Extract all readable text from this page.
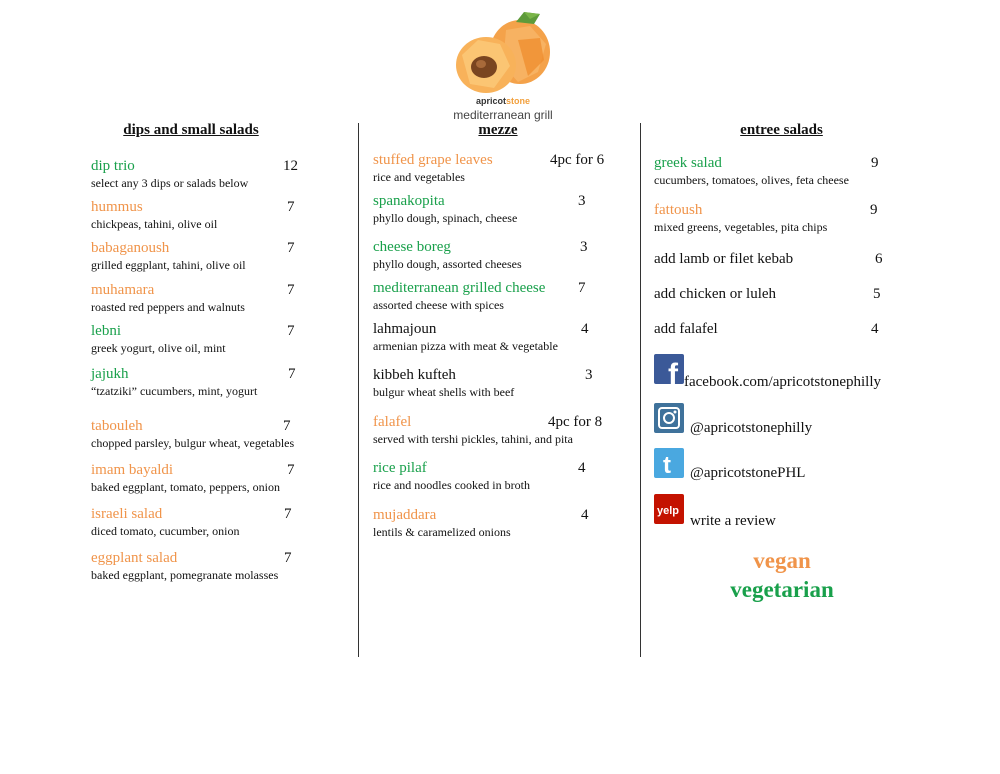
apricotstone
mediterranean grill
dips and small salads
dip trio	12
select any 3 dips or salads below
hummus	7
chickpeas, tahini, olive oil
babaganoush	7
grilled eggplant, tahini, olive oil
muhamara	7
roasted red peppers and walnuts
lebni	7
greek yogurt, olive oil, mint
jajukh	7
“tzatziki” cucumbers, mint, yogurt
tabouleh	7
chopped parsley, bulgur wheat, vegetables
imam bayaldi	7
baked eggplant, tomato, peppers, onion
israeli salad	7
diced tomato, cucumber, onion
eggplant salad	7
baked eggplant, pomegranate molasses
mezze
stuffed grape leaves	4pc for 6
rice and vegetables
spanakopita	3
phyllo dough, spinach, cheese
cheese boreg	3
phyllo dough, assorted cheeses
mediterranean grilled cheese 7
assorted cheese with spices
lahmajoun	4
armenian pizza with meat & vegetable
kibbeh kufteh	3
bulgur wheat shells with beef
falafel	4pc for 8
served with tershi pickles, tahini, and pita
rice pilaf	4
rice and noodles cooked in broth
mujaddara	4
lentils & caramelized onions
entree salads
greek salad	9
cucumbers, tomatoes, olives, feta cheese
fattoush	9
mixed greens, vegetables, pita chips
add lamb or filet kebab	6
add chicken or luleh	5
add falafel	4
f facebook.com/apricotstonephilly
@apricotstonephilly
t @apricotstonePHL
yelp
write a review
vegan
vegetarian
